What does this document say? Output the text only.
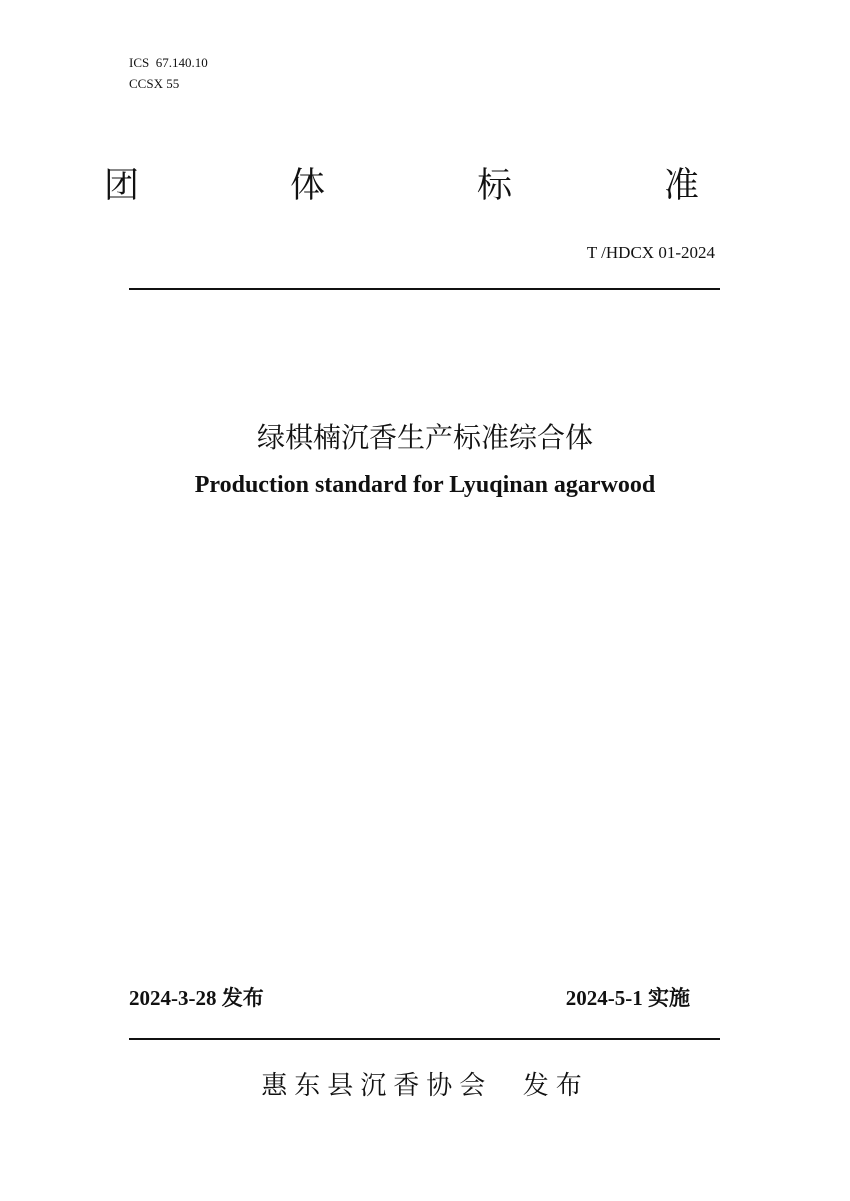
ICS  67.140.10
CCSX 55
团	体	标	准
T /HDCX 01-2024
绿棋楠沉香生产标准综合体
Production standard for Lyuqinan agarwood
2024-3-28 发布	2024-5-1 实施
惠东县沉香协会  发布
